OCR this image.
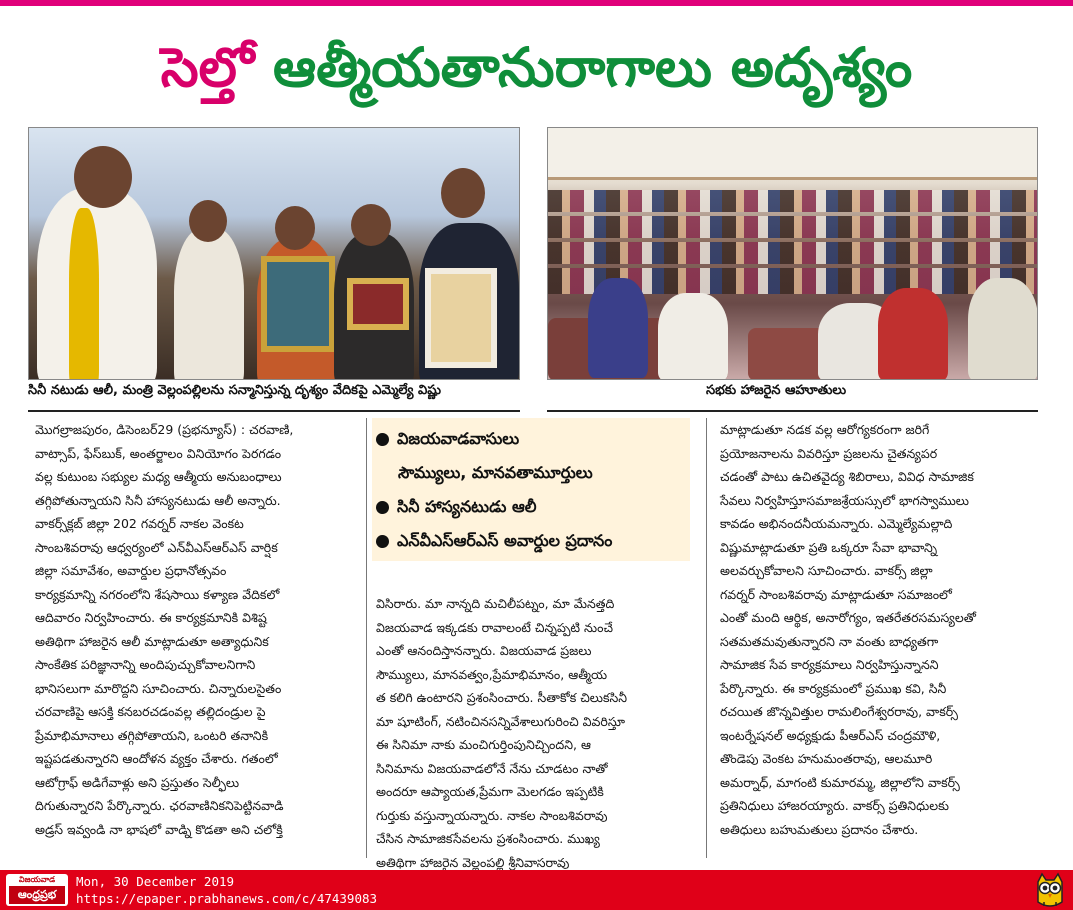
సెల్తో ఆత్మీయతానురాగాలు అదృశ్యం
సినీ నటుడు ఆలీ, మంత్రి వెల్లంపల్లిలను సన్మానిస్తున్న దృశ్యం వేదికపై ఎమ్మెల్యే విష్ణు	సభకు హాజరైన ఆహూతులు

మొగల్రాజపురం, డిసెంబర్29 (ప్రభన్యూస్) : చరవాణి,

వాట్సాప్, ఫేస్‌బుక్, అంతర్జాలం వినియోగం పెరగడం

వల్ల కుటుంబ సభ్యుల మధ్య ఆత్మీయ అనుబంధాలు

తగ్గిపోతున్నాయని సినీ హాస్యనటుడు ఆలీ అన్నారు.

వాకర్స్‌క్లబ్ జిల్లా 202 గవర్నర్ నాకల వెంకట

సాంబశివరావు ఆధ్వర్యంలో ఎన్‌వీఎస్ఆర్ఎస్ వార్షిక

జిల్లా సమావేశం, అవార్డుల ప్రధానోత్సవం

కార్యక్రమాన్ని నగరంలోని శేషసాయి కళ్యాణ వేదికలో

ఆదివారం నిర్వహించారు. ఈ కార్యక్రమానికి విశిష్ట

అతిథిగా హాజరైన ఆలీ మాట్లాడుతూ అత్యాధునిక

సాంకేతిక పరిజ్ఞానాన్ని అందిపుచ్చుకోవాలనిగాని

భానిసలుగా మారొద్దని సూచించారు. చిన్నారులసైతం

చరవాణిపై ఆసక్తి కనబరచడంవల్ల తల్లిదండ్రుల పై

ప్రేమాభిమానాలు తగ్గిపోతాయని, ఒంటరి తనానికి

ఇష్టపడతున్నారని ఆందోళన వ్యక్తం చేశారు. గతంలో

ఆటోగ్రాఫ్ అడిగేవాళ్లు అని ప్రస్తుతం సెల్ఫీలు

దిగుతున్నారని పేర్కొన్నారు. ఛరవాణినికనిపెట్టినవాడి

అడ్రస్ ఇవ్వండి నా భాషలో వాడ్ని కొడతా అని చలోక్తి

విజయవాడవాసులు
సౌమ్యులు, మానవతామూర్తులు
సినీ హాస్యనటుడు ఆలీ
ఎన్‌వీఎస్‌ఆర్ఎస్ అవార్డుల ప్రదానం

విసిరారు. మా నాన్నది మచిలీపట్నం, మా మేనత్తది

విజయవాడ ఇక్కడకు రావాలంటే చిన్నప్పటి నుంచే

ఎంతో ఆనందిస్తానన్నారు. విజయవాడ ప్రజలు

సౌమ్యులు, మానవత్వం,ప్రేమాభిమానం, ఆత్మీయ

త కలిగి ఉంటారని ప్రశంసించారు. సీతాకోక చిలుకసినీ

మా షూటింగ్, నటించినసన్నివేశాలుగురించి వివరిస్తూ

ఈ సినిమా నాకు మంచిగుర్తింపునిచ్చిందని, ఆ

సినిమాను విజయవాడలోనే నేను చూడటం నాతో

అందరూ ఆప్యాయత,ప్రేమగా మెలగడం ఇప్పటికి

గుర్తుకు వస్తున్నాయన్నారు. నాకల సాంబశివరావు

చేసిన సామాజికసేవలను ప్రశంసించారు. ముఖ్య

అతిథిగా హాజరైన వెల్లంపల్లి శ్రీనివాసరావు

మాట్లాడుతూ నడక వల్ల ఆరోగ్యకరంగా జరిగే

ప్రయోజనాలను వివరిస్తూ ప్రజలను చైతన్యపర

చడంతో పాటు ఉచితవైద్య శిబిరాలు, వివిధ సామాజిక

సేవలు నిర్వహిస్తూసమాజశ్రేయస్సులో భాగస్వాములు

కావడం అభినందనీయమన్నారు. ఎమ్మెల్యేమల్లాది

విష్ణుమాట్లాడుతూ ప్రతి ఒక్కరూ సేవా భావాన్ని

అలవర్చుకోవాలని సూచించారు. వాకర్స్ జిల్లా

గవర్నర్ సాంబశివరావు మాట్లాడుతూ సమాజంలో

ఎంతో మంది ఆర్థిక, అనారోగ్యం, ఇతరేతరసమస్యలతో

సతమతమవుతున్నారని నా వంతు బాధ్యతగా

సామాజిక సేవ కార్యక్రమాలు నిర్వహిస్తున్నానని

పేర్కొన్నారు. ఈ కార్యక్రమంలో ప్రముఖ కవి, సినీ

రచయిత జొన్నవిత్తుల రామలింగేశ్వరరావు, వాకర్స్

ఇంటర్నేషనల్ అధ్యక్షుడు పీఆర్ఎస్ చంద్రమౌళి,

తొండెపు వెంకట హనుమంతరావు, ఆలమూరి

అమర్నాధ్, మాగంటి కుమారమ్మ, జిల్లాలోని వాకర్స్

ప్రతినిధులు హాజరయ్యారు. వాకర్స్ ప్రతినిధులకు

అతిధులు బహుమతులు ప్రదానం చేశారు.

విజయవాడ
ఆంధ్రప్రభ
Mon, 30 December 2019
https://epaper.prabhanews.com/c/47439083
